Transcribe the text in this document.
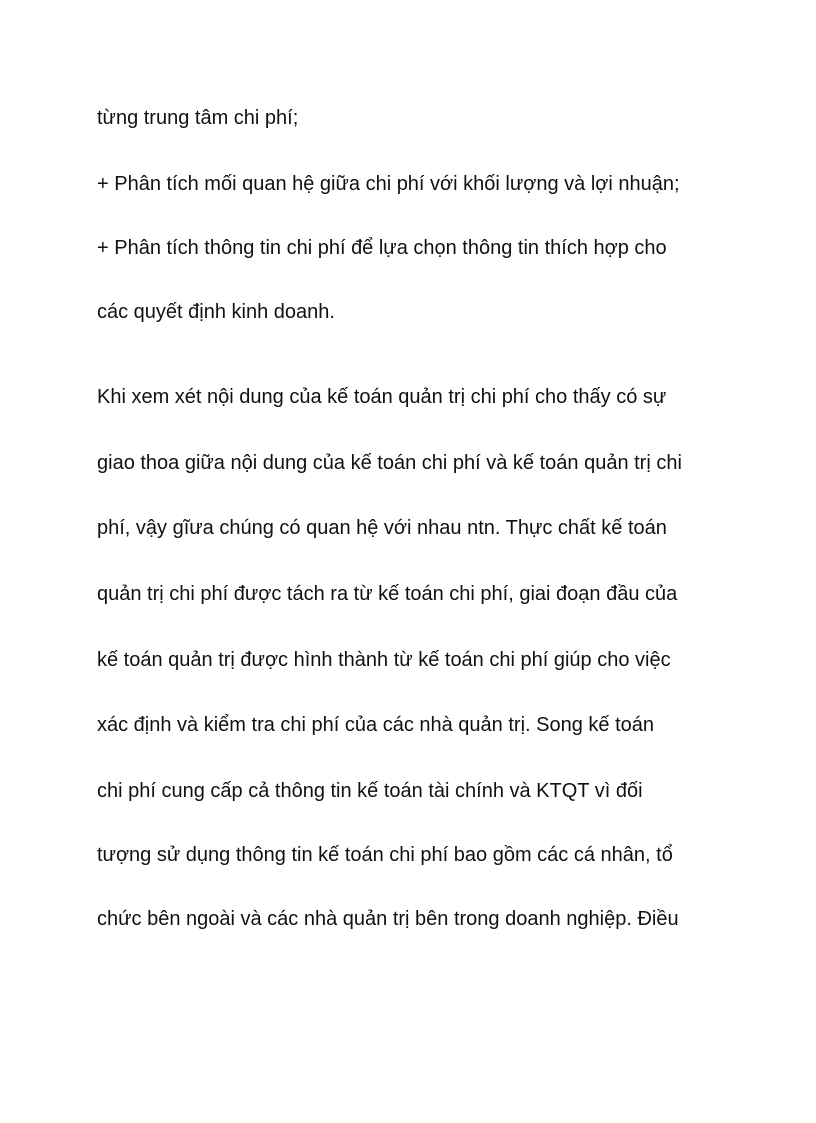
từng trung tâm chi phí;

+ Phân tích mối quan hệ giữa chi phí với khối lượng và lợi nhuận;

+ Phân tích thông tin chi phí để lựa chọn thông tin thích hợp cho

các quyết định kinh doanh.

Khi xem xét nội dung của kế toán quản trị chi phí cho thấy có sự

giao thoa giữa nội dung của kế toán chi phí và kế toán quản trị chi

phí, vậy gĩưa chúng có quan hệ với nhau ntn. Thực chất kế toán

quản trị chi phí được tách ra từ kế toán chi phí, giai đoạn đầu của

kế toán quản trị được hình thành từ kế toán chi phí giúp cho việc

xác định và kiểm tra chi phí của các nhà quản trị. Song kế toán

chi phí cung cấp cả thông tin kế toán tài chính và KTQT vì đối

tượng sử dụng thông tin kế toán chi phí bao gồm các cá nhân, tổ

chức bên ngoài và các nhà quản trị bên trong doanh nghiệp. Điều
